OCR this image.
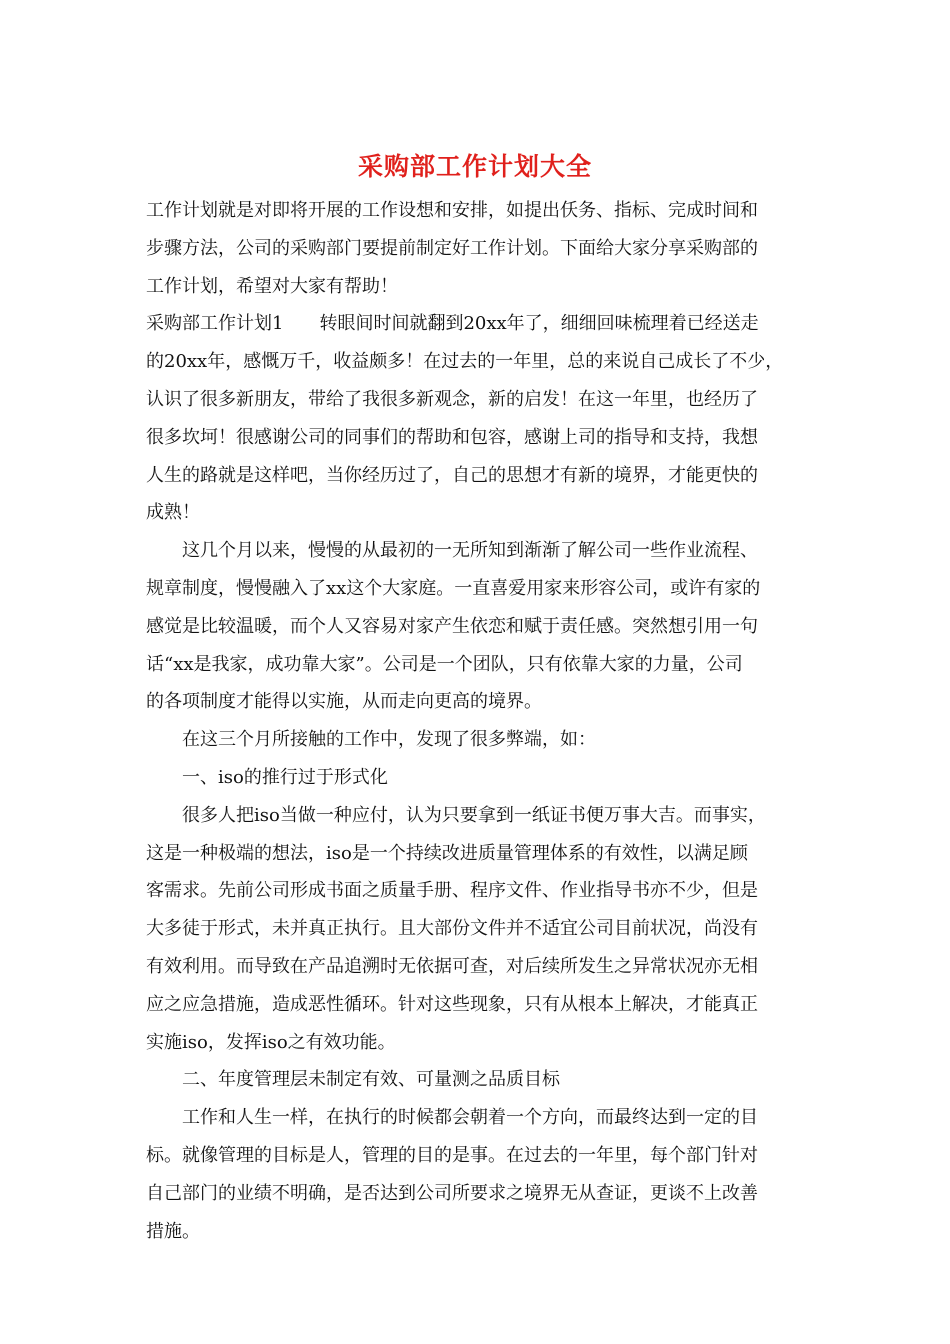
采购部工作计划大全
工作计划就是对即将开展的工作设想和安排，如提出仸务、指标、完成时间和
步骤方法，公司的采购部门要提前制定好工作计划。下面给大家分享采购部的
工作计划，希望对大家有帮助！
采购部工作计划1 转眼间时间就翻到20xx年了，细细回味梳理着已经送走
的20xx年，感慨万千，收益颇多！在过去的一年里，总的来说自己成长了不少，
认识了很多新朋友，带给了我很多新观念，新的启发！在这一年里，也经历了
很多坎坷！很感谢公司的同事们的帮助和包容，感谢上司的指导和支持，我想
人生的路就是这样吧，当你经历过了，自己的思想才有新的境界，才能更快的
成熟！
这几个月以来，慢慢的从最初的一无所知到渐渐了解公司一些作业流程、
规章制度，慢慢融入了xx这个大家庭。一直喜爱用家来形容公司，或许有家的
感觉是比较温暖，而个人又容易对家产生依恋和赋于责任感。突然想引用一句
话“xx是我家，成功靠大家”。公司是一个团队，只有依靠大家的力量，公司
的各项制度才能得以实施，从而走向更高的境界。
在这三个月所接触的工作中，发现了很多弊端，如：
一、iso的推行过于形式化
很多人把iso当做一种应付，认为只要拿到一纸证书便万事大吉。而事实，
这是一种极端的想法，iso是一个持续改进质量管理体系的有效性，以满足顾
客需求。先前公司形成书面之质量手册、程序文件、作业指导书亦不少，但是
大多徒于形式，未并真正执行。且大部份文件并不适宜公司目前状况，尚没有
有效利用。而导致在产品追溯时无依据可查，对后续所发生之异常状况亦无相
应之应急措施，造成恶性循环。针对这些现象，只有从根本上解决，才能真正
实施iso，发挥iso之有效功能。
二、年度管理层未制定有效、可量测之品质目标
工作和人生一样，在执行的时候都会朝着一个方向，而最终达到一定的目
标。就像管理的目标是人，管理的目的是事。在过去的一年里，每个部门针对
自己部门的业绩不明确，是否达到公司所要求之境界无从查证，更谈不上改善
措施。
